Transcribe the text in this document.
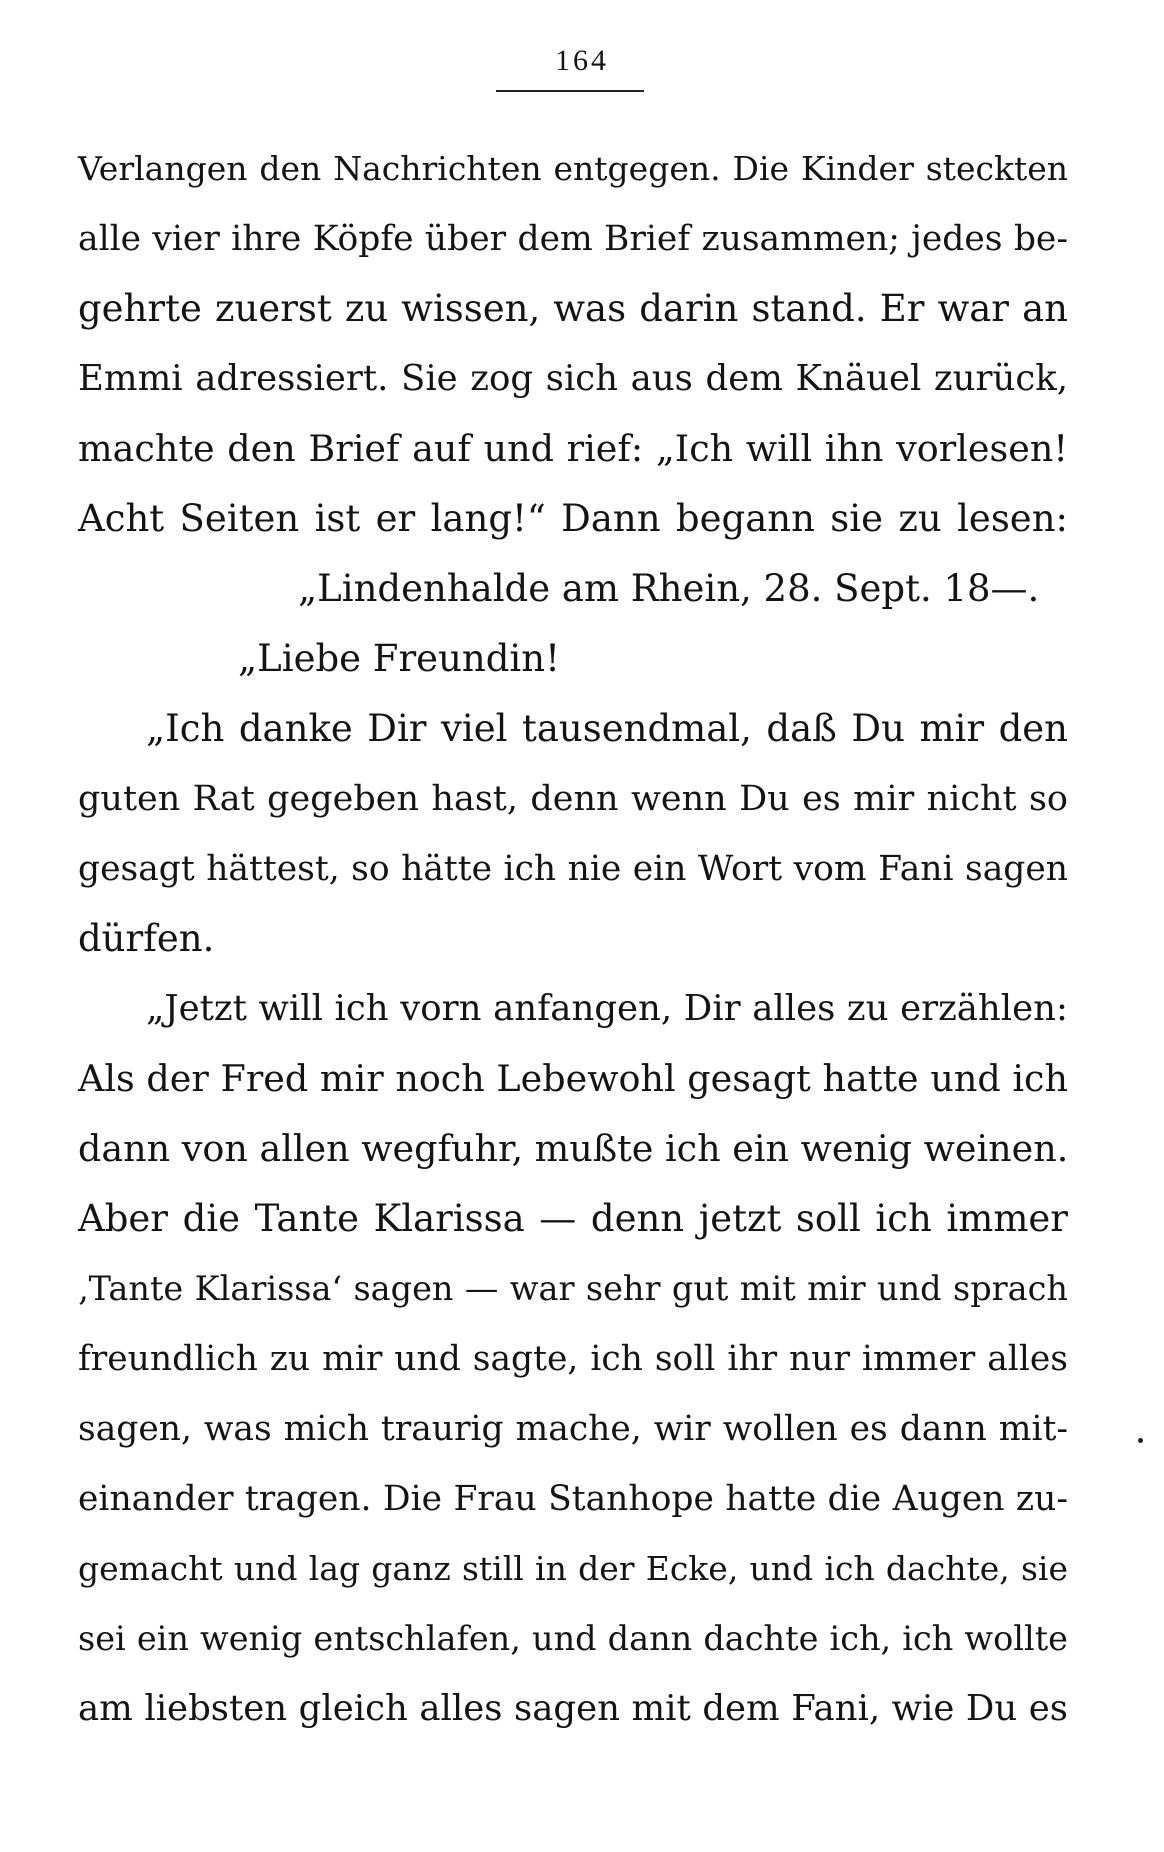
164
Verlangen den Nachrichten entgegen. Die Kinder steckten
alle vier ihre Köpfe über dem Brief zusammen; jedes be-
gehrte zuerst zu wissen, was darin stand. Er war an
Emmi adressiert. Sie zog sich aus dem Knäuel zurück,
machte den Brief auf und rief: „Ich will ihn vorlesen!
Acht Seiten ist er lang!“ Dann begann sie zu lesen:
„Lindenhalde am Rhein, 28. Sept. 18—.
„Liebe Freundin!
„Ich danke Dir viel tausendmal, daß Du mir den
guten Rat gegeben hast, denn wenn Du es mir nicht so
gesagt hättest, so hätte ich nie ein Wort vom Fani sagen
dürfen.
„Jetzt will ich vorn anfangen, Dir alles zu erzählen:
Als der Fred mir noch Lebewohl gesagt hatte und ich
dann von allen wegfuhr, mußte ich ein wenig weinen.
Aber die Tante Klarissa — denn jetzt soll ich immer
‚Tante Klarissa‘ sagen — war sehr gut mit mir und sprach
freundlich zu mir und sagte, ich soll ihr nur immer alles
sagen, was mich traurig mache, wir wollen es dann mit-
einander tragen. Die Frau Stanhope hatte die Augen zu-
gemacht und lag ganz still in der Ecke, und ich dachte, sie
sei ein wenig entschlafen, und dann dachte ich, ich wollte
am liebsten gleich alles sagen mit dem Fani, wie Du es
